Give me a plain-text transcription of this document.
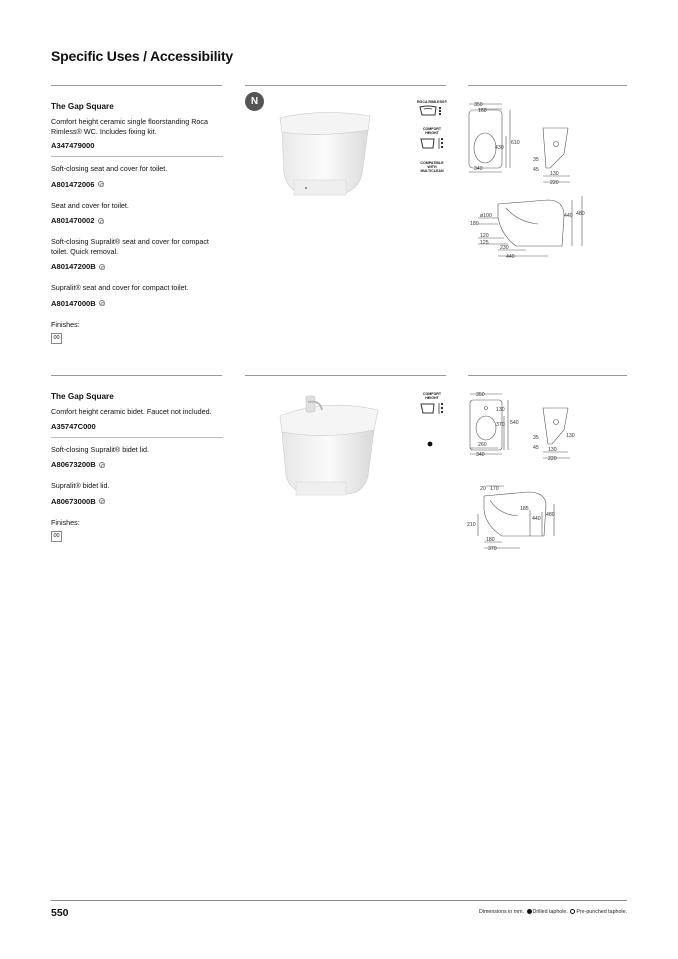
Specific Uses / Accessibility
The Gap Square
Comfort height ceramic single floorstanding Roca Rimless® WC. Includes fixing kit.
A347479000
Soft-closing seat and cover for toilet.
A801472006
Seat and cover for toilet.
A801470002
Soft-closing Supralit® seat and cover for compact toilet. Quick removal.
A80147200B
Supralit® seat and cover for compact toilet.
A80147000B
Finishes:
00
N	ROCA RIMLESS®
COMFORT HEIGHT
COMPATIBLE WITH MULTICLEAN
350
160
610
430
340
35
45
130
220
ø100
180
440 480
120
125
230
440
The Gap Square
Comfort height ceramic bidet. Faucet not included.
A35747C000
Soft-closing Supralit® bidet lid.
A80673200B
Supralit® bidet lid.
A80673000B
Finishes:
00
COMFORT HEIGHT	350
130
370 540
260
340
35	130
45 130
220
20 170
185
440
480
210
180
370
550	Dimensions in mm. Drilled taphole. Pre-punched taphole.
